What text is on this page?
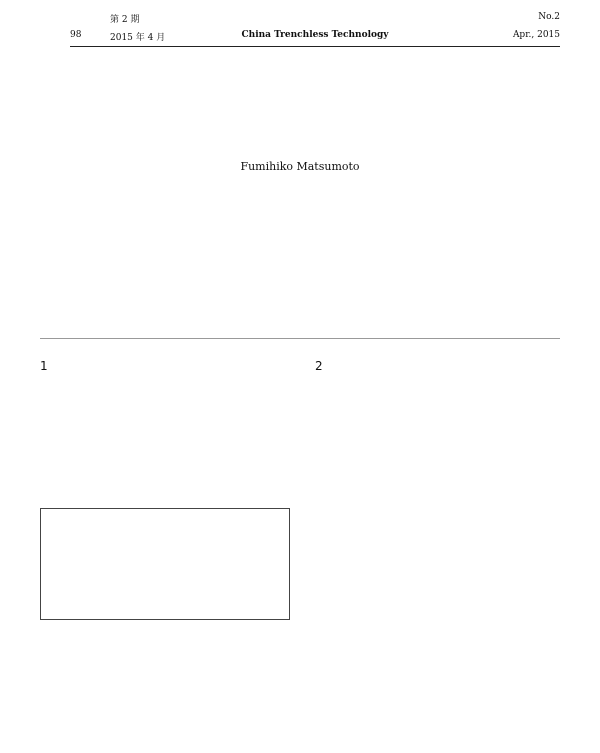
第 2 期	No.2
98	2015 年 4 月	China Trenchless Technology	Apr., 2015
Fumihiko Matsumoto
1	2
